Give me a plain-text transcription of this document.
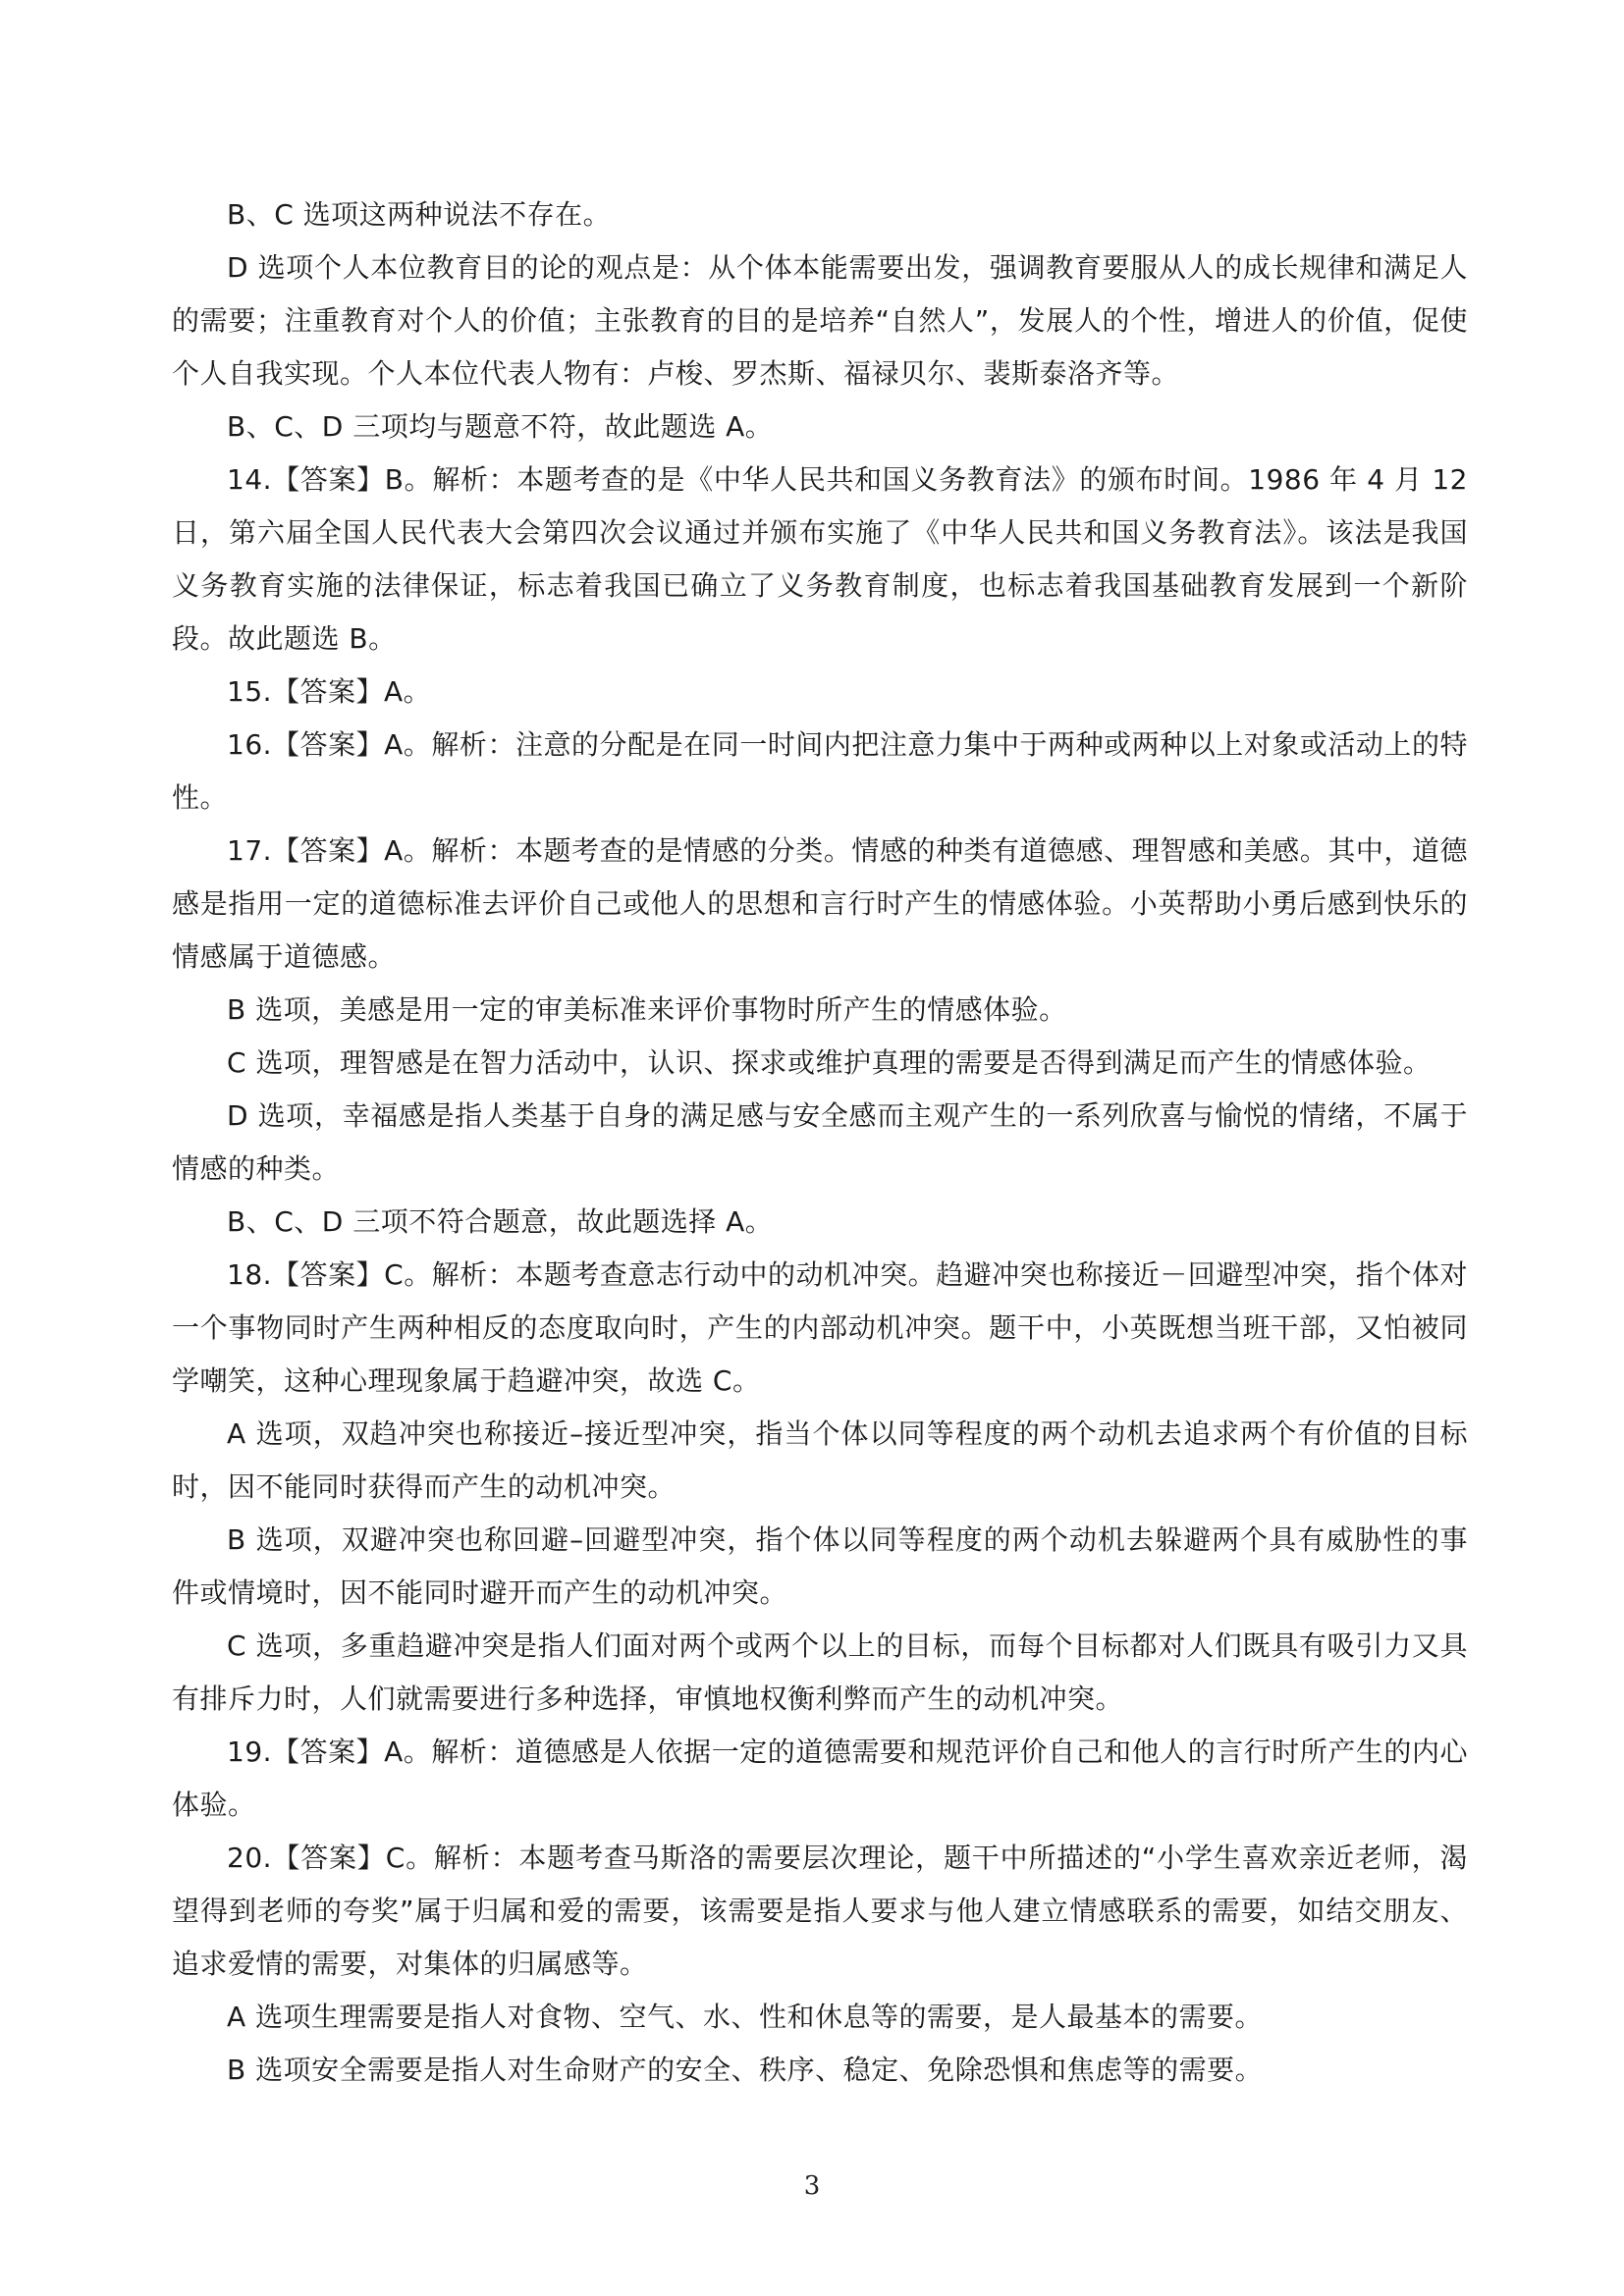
B、C 选项这两种说法不存在。

D 选项个人本位教育目的论的观点是：从个体本能需要出发，强调教育要服从人的成长规律和满足人的需要；注重教育对个人的价值；主张教育的目的是培养“自然人”，发展人的个性，增进人的价值，促使个人自我实现。个人本位代表人物有：卢梭、罗杰斯、福禄贝尔、裴斯泰洛齐等。

B、C、D 三项均与题意不符，故此题选 A。

14.【答案】B。解析：本题考查的是《中华人民共和国义务教育法》的颁布时间。1986 年 4 月 12 日，第六届全国人民代表大会第四次会议通过并颁布实施了《中华人民共和国义务教育法》。该法是我国义务教育实施的法律保证，标志着我国已确立了义务教育制度，也标志着我国基础教育发展到一个新阶段。故此题选 B。

15.【答案】A。

16.【答案】A。解析：注意的分配是在同一时间内把注意力集中于两种或两种以上对象或活动上的特性。

17.【答案】A。解析：本题考查的是情感的分类。情感的种类有道德感、理智感和美感。其中，道德感是指用一定的道德标准去评价自己或他人的思想和言行时产生的情感体验。小英帮助小勇后感到快乐的情感属于道德感。

B 选项，美感是用一定的审美标准来评价事物时所产生的情感体验。

C 选项，理智感是在智力活动中，认识、探求或维护真理的需要是否得到满足而产生的情感体验。

D 选项，幸福感是指人类基于自身的满足感与安全感而主观产生的一系列欣喜与愉悦的情绪，不属于情感的种类。

B、C、D 三项不符合题意，故此题选择 A。

18.【答案】C。解析：本题考查意志行动中的动机冲突。趋避冲突也称接近－回避型冲突，指个体对一个事物同时产生两种相反的态度取向时，产生的内部动机冲突。题干中，小英既想当班干部，又怕被同学嘲笑，这种心理现象属于趋避冲突，故选 C。

A 选项，双趋冲突也称接近–接近型冲突，指当个体以同等程度的两个动机去追求两个有价值的目标时，因不能同时获得而产生的动机冲突。

B 选项，双避冲突也称回避–回避型冲突，指个体以同等程度的两个动机去躲避两个具有威胁性的事件或情境时，因不能同时避开而产生的动机冲突。

C 选项，多重趋避冲突是指人们面对两个或两个以上的目标，而每个目标都对人们既具有吸引力又具有排斥力时，人们就需要进行多种选择，审慎地权衡利弊而产生的动机冲突。

19.【答案】A。解析：道德感是人依据一定的道德需要和规范评价自己和他人的言行时所产生的内心体验。

20.【答案】C。解析：本题考查马斯洛的需要层次理论，题干中所描述的“小学生喜欢亲近老师，渴望得到老师的夸奖”属于归属和爱的需要，该需要是指人要求与他人建立情感联系的需要，如结交朋友、追求爱情的需要，对集体的归属感等。

A 选项生理需要是指人对食物、空气、水、性和休息等的需要，是人最基本的需要。

B 选项安全需要是指人对生命财产的安全、秩序、稳定、免除恐惧和焦虑等的需要。

3
